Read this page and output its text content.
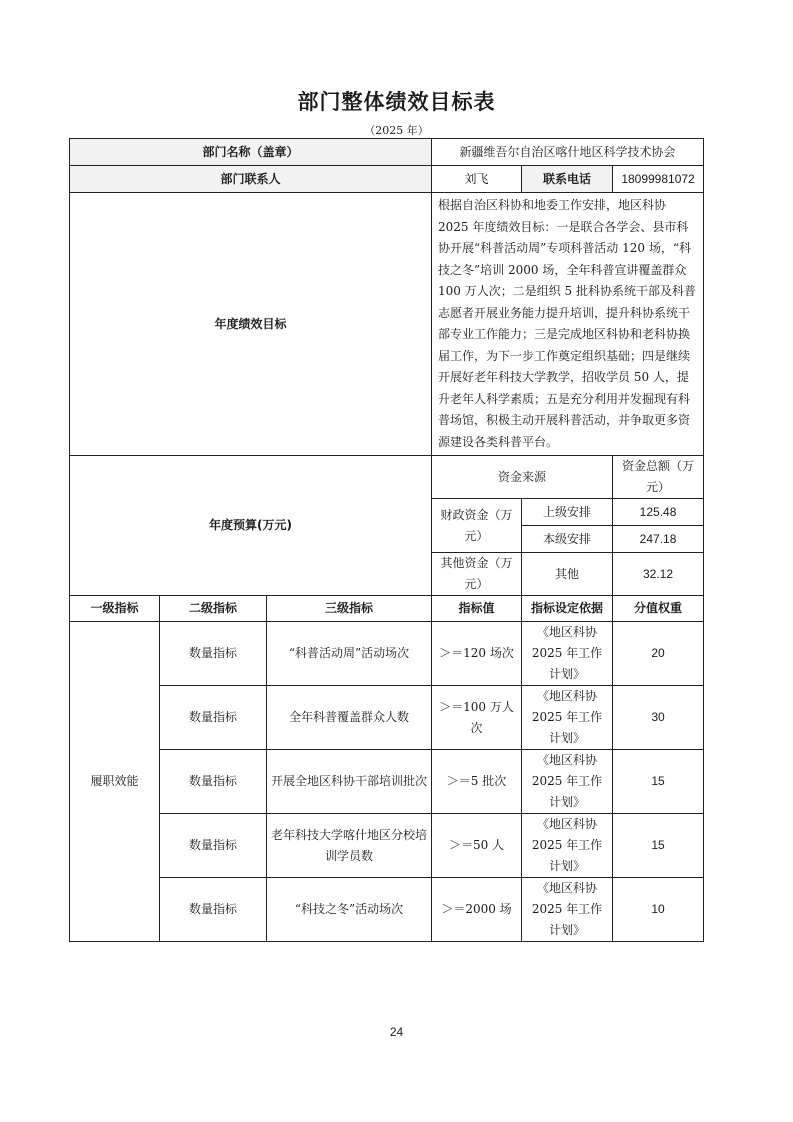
部门整体绩效目标表
（2025 年）
部门名称（盖章）			新疆维吾尔自治区喀什地区科学技术协会		
部门联系人			刘飞	联系电话	18099981072
年度绩效目标			根据自治区科协和地委工作安排，地区科协 2025 年度绩效目标：一是联合各学会、县市科协开展“科普活动周”专项科普活动 120 场，“科技之冬”培训 2000 场，全年科普宣讲覆盖群众 100 万人次；二是组织 5 批科协系统干部及科普志愿者开展业务能力提升培训，提升科协系统干部专业工作能力；三是完成地区科协和老科协换届工作，为下一步工作奠定组织基础；四是继续开展好老年科技大学教学，招收学员 50 人，提升老年人科学素质；五是充分利用并发掘现有科普场馆，积极主动开展科普活动，并争取更多资源建设各类科普平台。		
年度预算(万元)			资金来源		资金总额（万元）
			财政资金（万元）	上级安排	125.48
				本级安排	247.18
			其他资金（万元）	其他	32.12
一级指标	二级指标	三级指标	指标值	指标设定依据	分值权重
履职效能	数量指标	“科普活动周”活动场次	＞＝120 场次	《地区科协2025 年工作计划》	20
	数量指标	全年科普覆盖群众人数	＞＝100 万人次	《地区科协2025 年工作计划》	30
	数量指标	开展全地区科协干部培训批次	＞＝5 批次	《地区科协2025 年工作计划》	15
	数量指标	老年科技大学喀什地区分校培训学员数	＞＝50 人	《地区科协2025 年工作计划》	15
	数量指标	“科技之冬”活动场次	＞＝2000 场	《地区科协2025 年工作计划》	10
24
